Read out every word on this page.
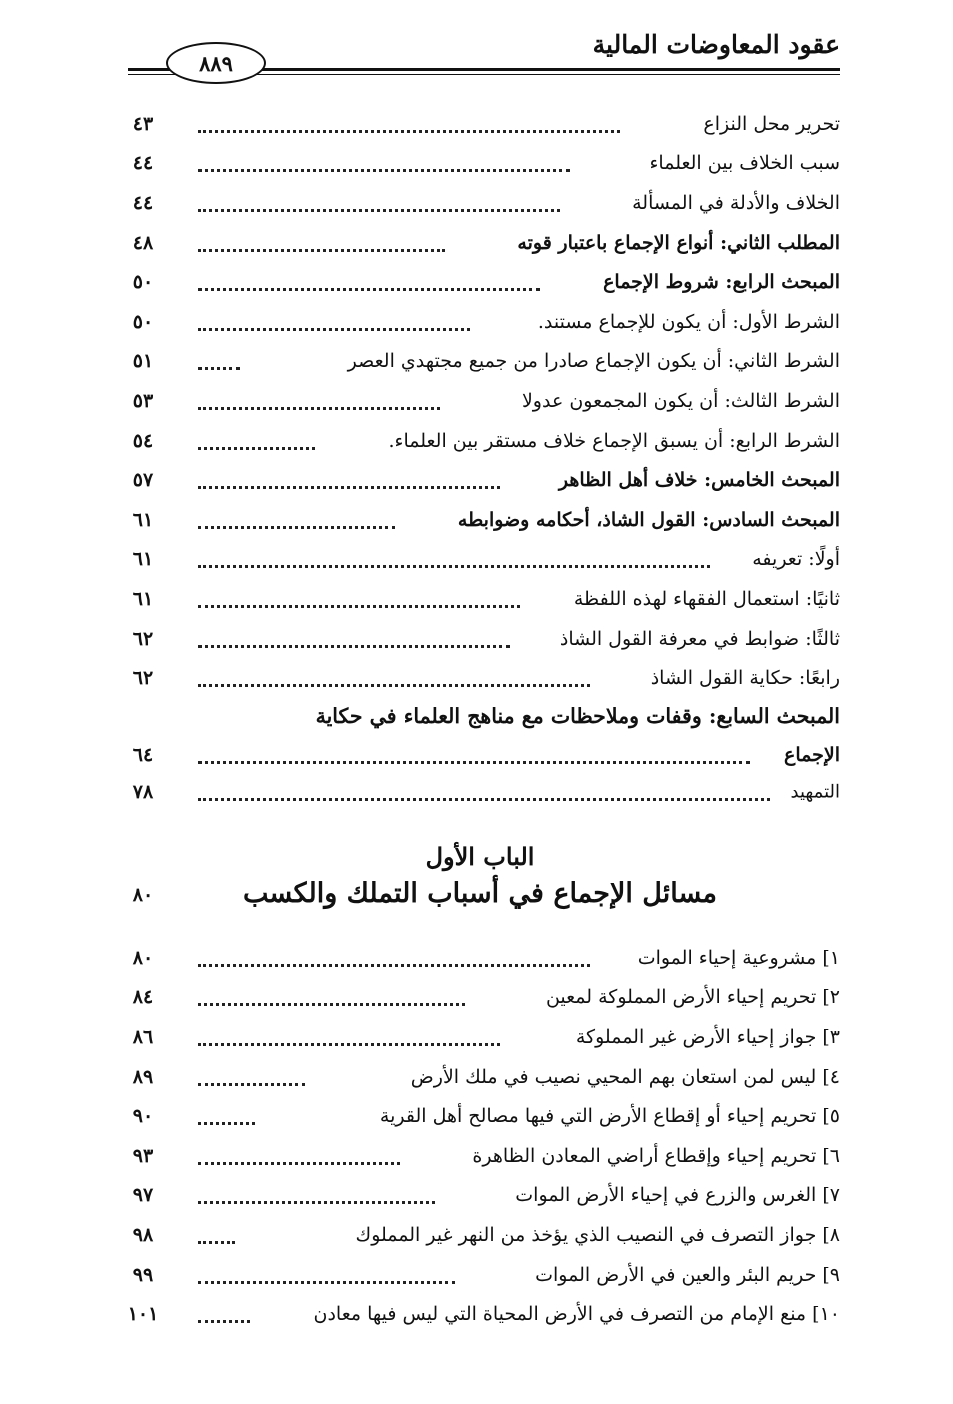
عقود المعاوضات المالية
٨٨٩
٤٣	تحرير محل النزاع
٤٤	سبب الخلاف بين العلماء
٤٤	الخلاف والأدلة في المسألة
٤٨	المطلب الثاني: أنواع الإجماع باعتبار قوته
٥٠	المبحث الرابع: شروط الإجماع
٥٠	الشرط الأول: أن يكون للإجماع مستند.
٥١	الشرط الثاني: أن يكون الإجماع صادرا من جميع مجتهدي العصر
٥٣	الشرط الثالث: أن يكون المجمعون عدولا
٥٤	الشرط الرابع: أن يسبق الإجماع خلاف مستقر بين العلماء.
٥٧	المبحث الخامس: خلاف أهل الظاهر
٦١	المبحث السادس: القول الشاذ، أحكامه وضوابطه
٦١	أولًا: تعريفه
٦١	ثانيًا: استعمال الفقهاء لهذه اللفظة
٦٢	ثالثًا: ضوابط في معرفة القول الشاذ
٦٢	رابعًا: حكاية القول الشاذ
المبحث السابع: وقفات وملاحظات مع مناهج العلماء في حكاية
٦٤	الإجماع
٧٨	التمهيد
الباب الأول
مسائل الإجماع في أسباب التملك والكسب
٨٠
٨٠	١] مشروعية إحياء الموات
٨٤	٢] تحريم إحياء الأرض المملوكة لمعين
٨٦	٣] جواز إحياء الأرض غير المملوكة
٨٩	٤] ليس لمن استعان بهم المحيي نصيب في ملك الأرض
٩٠	٥] تحريم إحياء أو إقطاع الأرض التي فيها مصالح أهل القرية
٩٣	٦] تحريم إحياء وإقطاع أراضي المعادن الظاهرة
٩٧	٧] الغرس والزرع في إحياء الأرض الموات
٩٨	٨] جواز التصرف في النصيب الذي يؤخذ من النهر غير المملوك
٩٩	٩] حريم البئر والعين في الأرض الموات
١٠١	١٠] منع الإمام من التصرف في الأرض المحياة التي ليس فيها معادن
